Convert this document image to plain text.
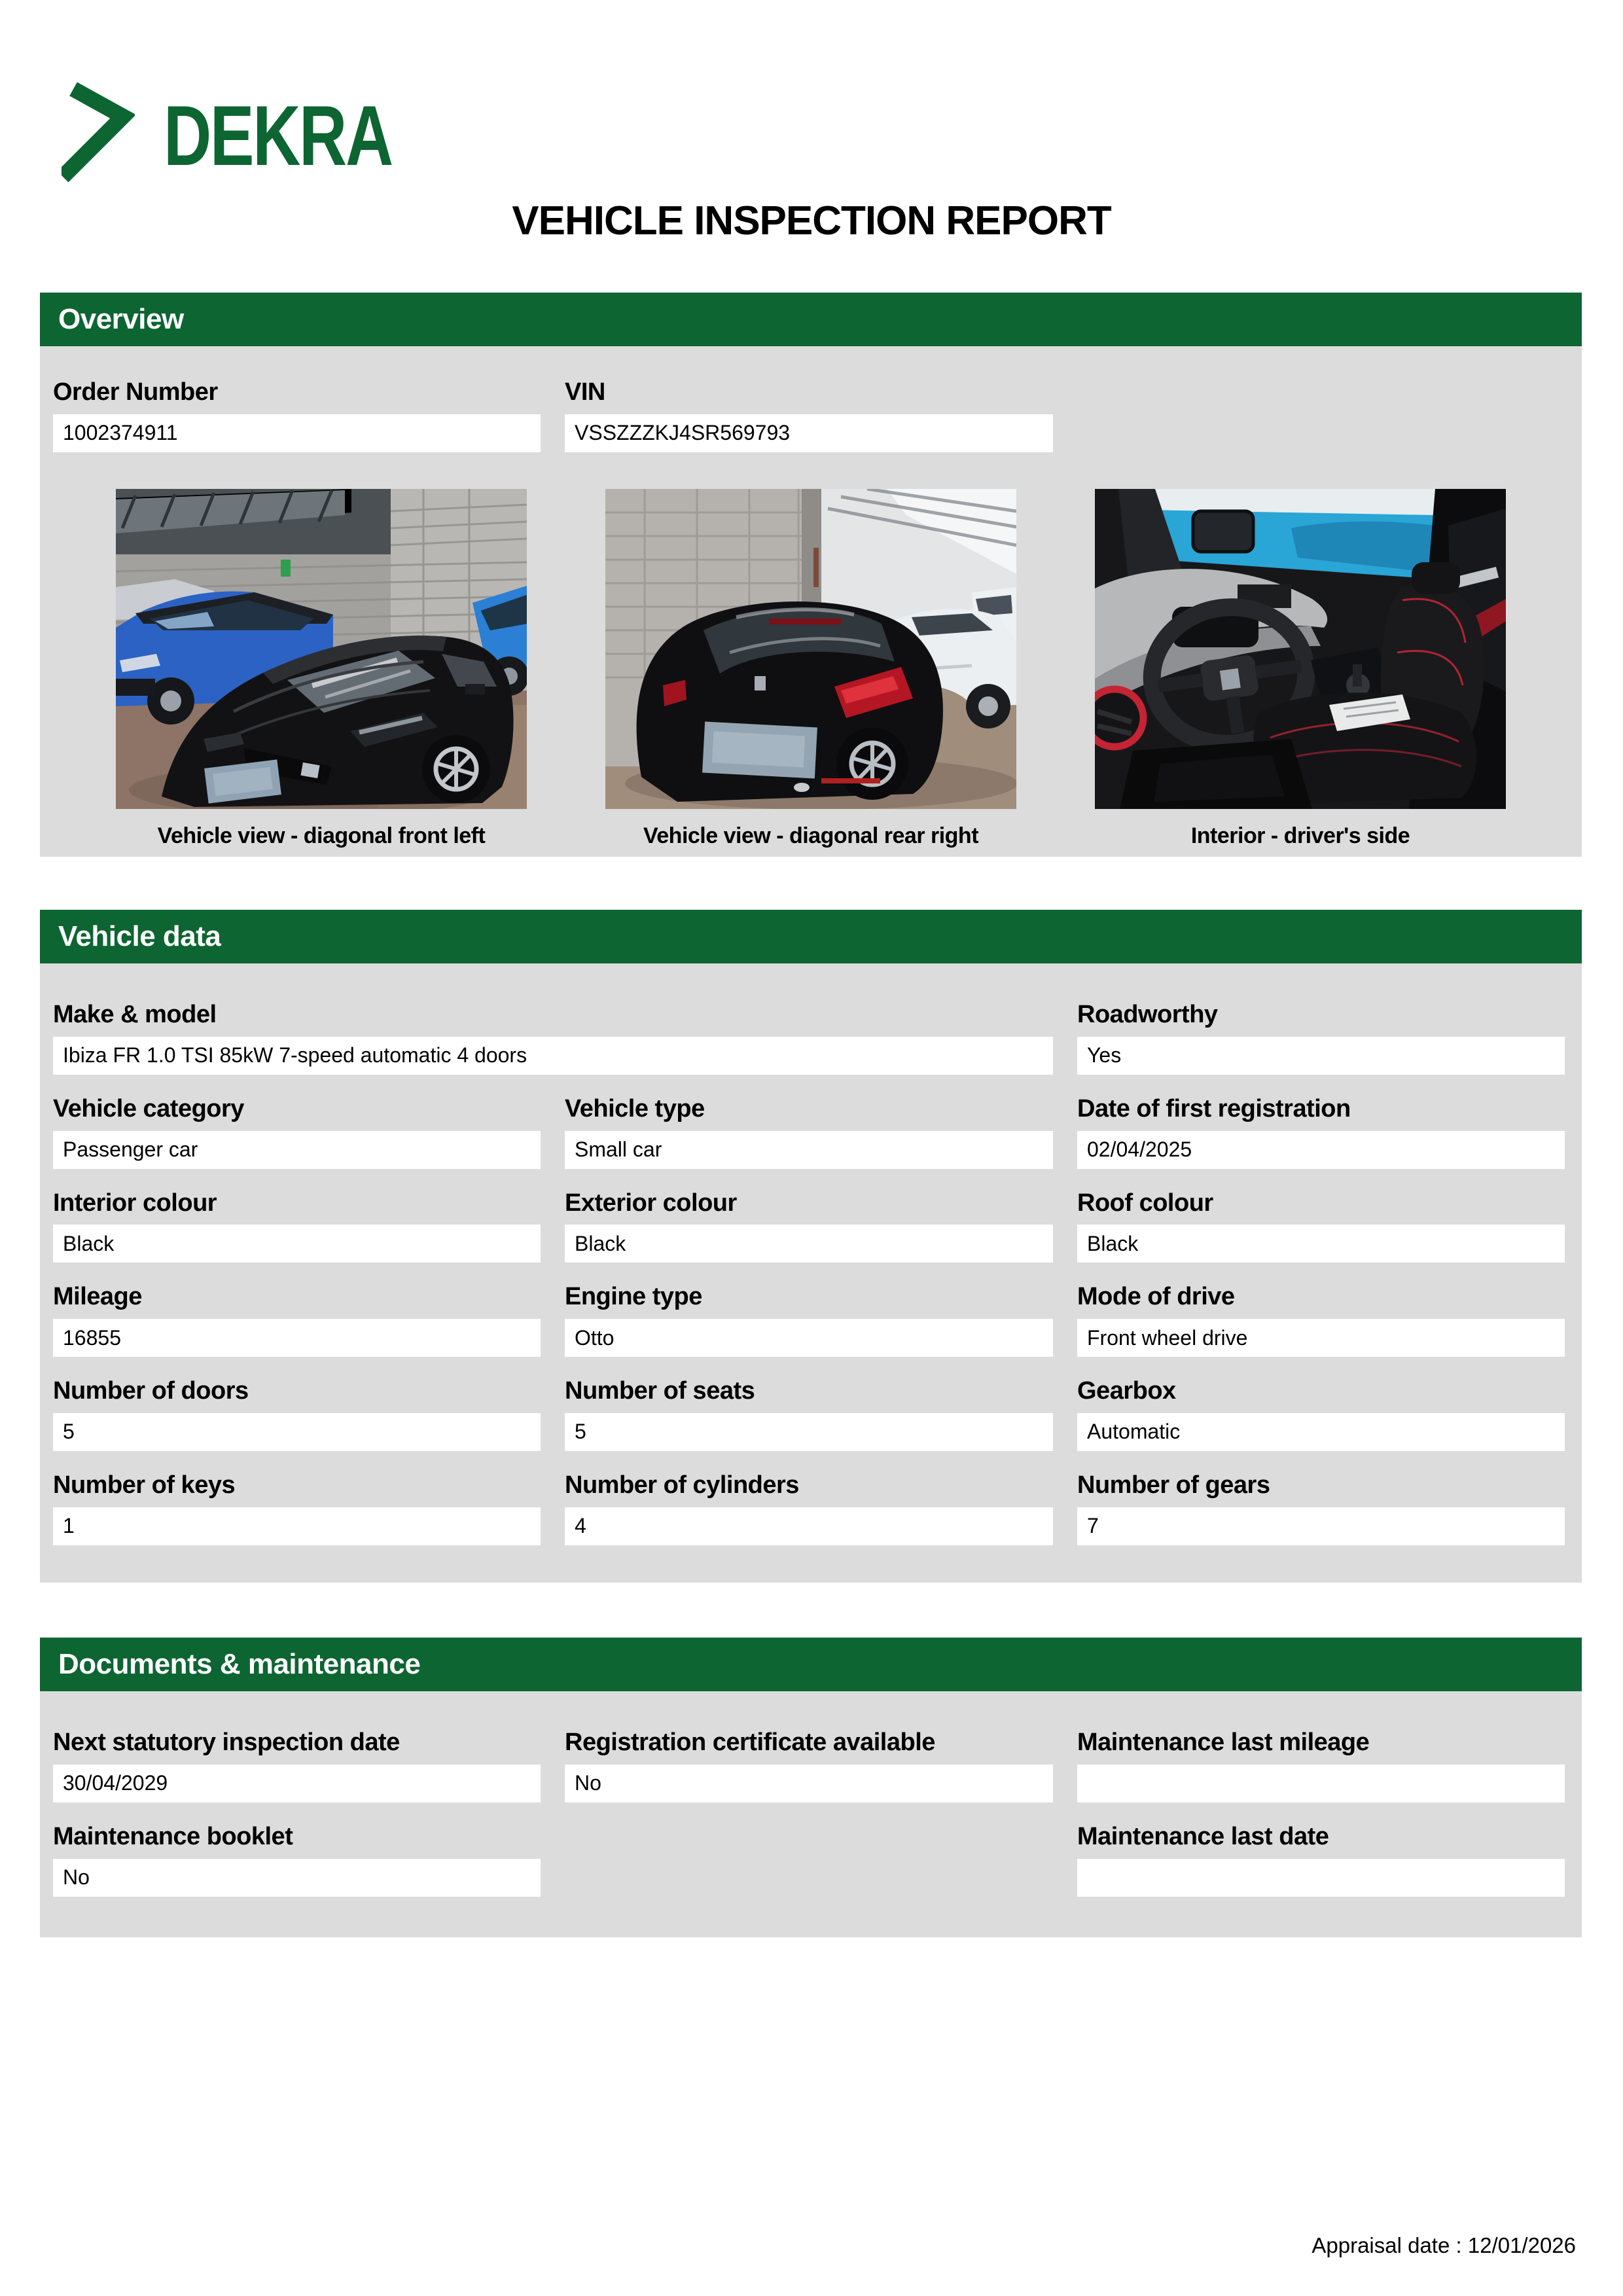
DEKRA
VEHICLE INSPECTION REPORT
Overview
Order Number
1002374911
VIN
VSSZZZKJ4SR569793
Vehicle view - diagonal front left	Vehicle view - diagonal rear right	Interior - driver's side
Vehicle data
Make & model
Ibiza FR 1.0 TSI 85kW 7-speed automatic 4 doors
Roadworthy
Yes
Vehicle category
Passenger car
Vehicle type
Small car
Date of first registration
02/04/2025
Interior colour
Black
Exterior colour
Black
Roof colour
Black
Mileage
16855
Engine type
Otto
Mode of drive
Front wheel drive
Number of doors
5
Number of seats
5
Gearbox
Automatic
Number of keys
1
Number of cylinders
4
Number of gears
7
Documents & maintenance
Next statutory inspection date
30/04/2029
Registration certificate available
No
Maintenance last mileage
Maintenance booklet
No
Maintenance last date
Appraisal date : 12/01/2026
